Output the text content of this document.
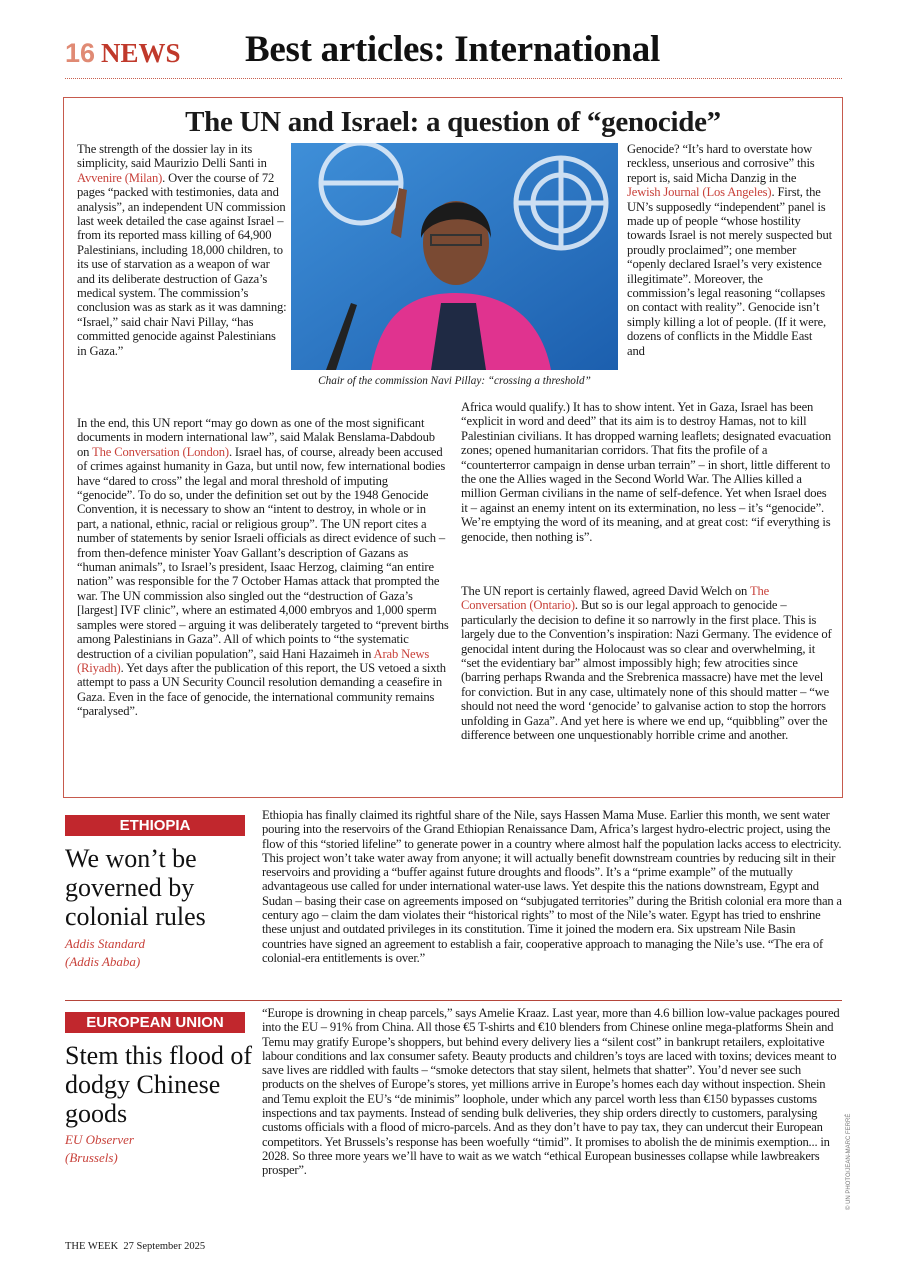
16 NEWS Best articles: International
The UN and Israel: a question of “genocide”

The strength of the dossier lay in its simplicity, said Maurizio Delli Santi in Avvenire (Milan). Over the course of 72 pages “packed with testimonies, data and analysis”, an independent UN commission last week detailed the case against Israel – from its reported mass killing of 64,900 Palestinians, including 18,000 children, to its use of starvation as a weapon of war and its deliberate destruction of Gaza’s medical system. The commission’s conclusion was as stark as it was damning: “Israel,” said chair Navi Pillay, “has committed genocide against Palestinians in Gaza.”

Chair of the commission Navi Pillay: “crossing a threshold”

Genocide? “It’s hard to overstate how reckless, unserious and corrosive” this report is, said Micha Danzig in the Jewish Journal (Los Angeles). First, the UN’s supposedly “independent” panel is made up of people “whose hostility towards Israel is not merely suspected but proudly proclaimed”; one member “openly declared Israel’s very existence illegitimate”. Moreover, the commission’s legal reasoning “collapses on contact with reality”. Genocide isn’t simply killing a lot of people. (If it were, dozens of conflicts in the Middle East and

Africa would qualify.) It has to show intent. Yet in Gaza, Israel has been “explicit in word and deed” that its aim is to destroy Hamas, not to kill Palestinian civilians. It has dropped warning leaflets; designated evacuation zones; opened humanitarian corridors. That fits the profile of a “counterterror campaign in dense urban terrain” – in short, little different to the one the Allies waged in the Second World War. The Allies killed a million German civilians in the name of self-defence. Yet when Israel does it – against an enemy intent on its extermination, no less – it’s “genocide”. We’re emptying the word of its meaning, and at great cost: “if everything is genocide, then nothing is”.

In the end, this UN report “may go down as one of the most significant documents in modern international law”, said Malak Benslama-Dabdoub on The Conversation (London). Israel has, of course, already been accused of crimes against humanity in Gaza, but until now, few international bodies have “dared to cross” the legal and moral threshold of imputing “genocide”. To do so, under the definition set out by the 1948 Genocide Convention, it is necessary to show an “intent to destroy, in whole or in part, a national, ethnic, racial or religious group”. The UN report cites a number of statements by senior Israeli officials as direct evidence of such – from then-defence minister Yoav Gallant’s description of Gazans as “human animals”, to Israel’s president, Isaac Herzog, claiming “an entire nation” was responsible for the 7 October Hamas attack that prompted the war. The UN commission also singled out the “destruction of Gaza’s [largest] IVF clinic”, where an estimated 4,000 embryos and 1,000 sperm samples were stored – arguing it was deliberately targeted to “prevent births among Palestinians in Gaza”. All of which points to “the systematic destruction of a civilian population”, said Hani Hazaimeh in Arab News (Riyadh). Yet days after the publication of this report, the US vetoed a sixth attempt to pass a UN Security Council resolution demanding a ceasefire in Gaza. Even in the face of genocide, the international community remains “paralysed”.

The UN report is certainly flawed, agreed David Welch on The Conversation (Ontario). But so is our legal approach to genocide – particularly the decision to define it so narrowly in the first place. This is largely due to the Convention’s inspiration: Nazi Germany. The evidence of genocidal intent during the Holocaust was so clear and overwhelming, it “set the evidentiary bar” almost impossibly high; few atrocities since (barring perhaps Rwanda and the Srebrenica massacre) have met the level for conviction. But in any case, ultimately none of this should matter – “we should not need the word ‘genocide’ to galvanise action to stop the horrors unfolding in Gaza”. And yet here is where we end up, “quibbling” over the difference between one unquestionably horrible crime and another.

ETHIOPIA
We won’t be governed by colonial rules
Addis Standard
(Addis Ababa)

Ethiopia has finally claimed its rightful share of the Nile, says Hassen Mama Muse. Earlier this month, we sent water pouring into the reservoirs of the Grand Ethiopian Renaissance Dam, Africa’s largest hydro-electric project, using the flow of this “storied lifeline” to generate power in a country where almost half the population lacks access to electricity. This project won’t take water away from anyone; it will actually benefit downstream countries by reducing silt in their reservoirs and providing a “buffer against future droughts and floods”. It’s a “prime example” of the mutually advantageous use called for under international water-use laws. Yet despite this the nations downstream, Egypt and Sudan – basing their case on agreements imposed on “subjugated territories” during the British colonial era more than a century ago – claim the dam violates their “historical rights” to most of the Nile’s water. Egypt has tried to enshrine these unjust and outdated privileges in its constitution. Time it joined the modern era. Six upstream Nile Basin countries have signed an agreement to establish a fair, cooperative approach to managing the Nile’s use. “The era of colonial-era entitlements is over.”

EUROPEAN UNION
Stem this flood of dodgy Chinese goods
EU Observer
(Brussels)

“Europe is drowning in cheap parcels,” says Amelie Kraaz. Last year, more than 4.6 billion low-value packages poured into the EU – 91% from China. All those €5 T-shirts and €10 blenders from Chinese online mega-platforms Shein and Temu may gratify Europe’s shoppers, but behind every delivery lies a “silent cost” in bankrupt retailers, exploitative labour conditions and lax consumer safety. Beauty products and children’s toys are laced with toxins; devices meant to save lives are riddled with faults – “smoke detectors that stay silent, helmets that shatter”. You’d never see such products on the shelves of Europe’s stores, yet millions arrive in Europe’s homes each day without inspection. Shein and Temu exploit the EU’s “de minimis” loophole, under which any parcel worth less than €150 bypasses customs inspections and tax payments. Instead of sending bulk deliveries, they ship orders directly to customers, paralysing customs officials with a flood of micro-parcels. And as they don’t have to pay tax, they can undercut their European competitors. Yet Brussels’s response has been woefully “timid”. It promises to abolish the de minimis exemption... in 2028. So three more years we’ll have to wait as we watch “ethical European businesses collapse while lawbreakers prosper”.	© UN PHOTO/JEAN-MARC FERRÉ
THE WEEK 27 September 2025
